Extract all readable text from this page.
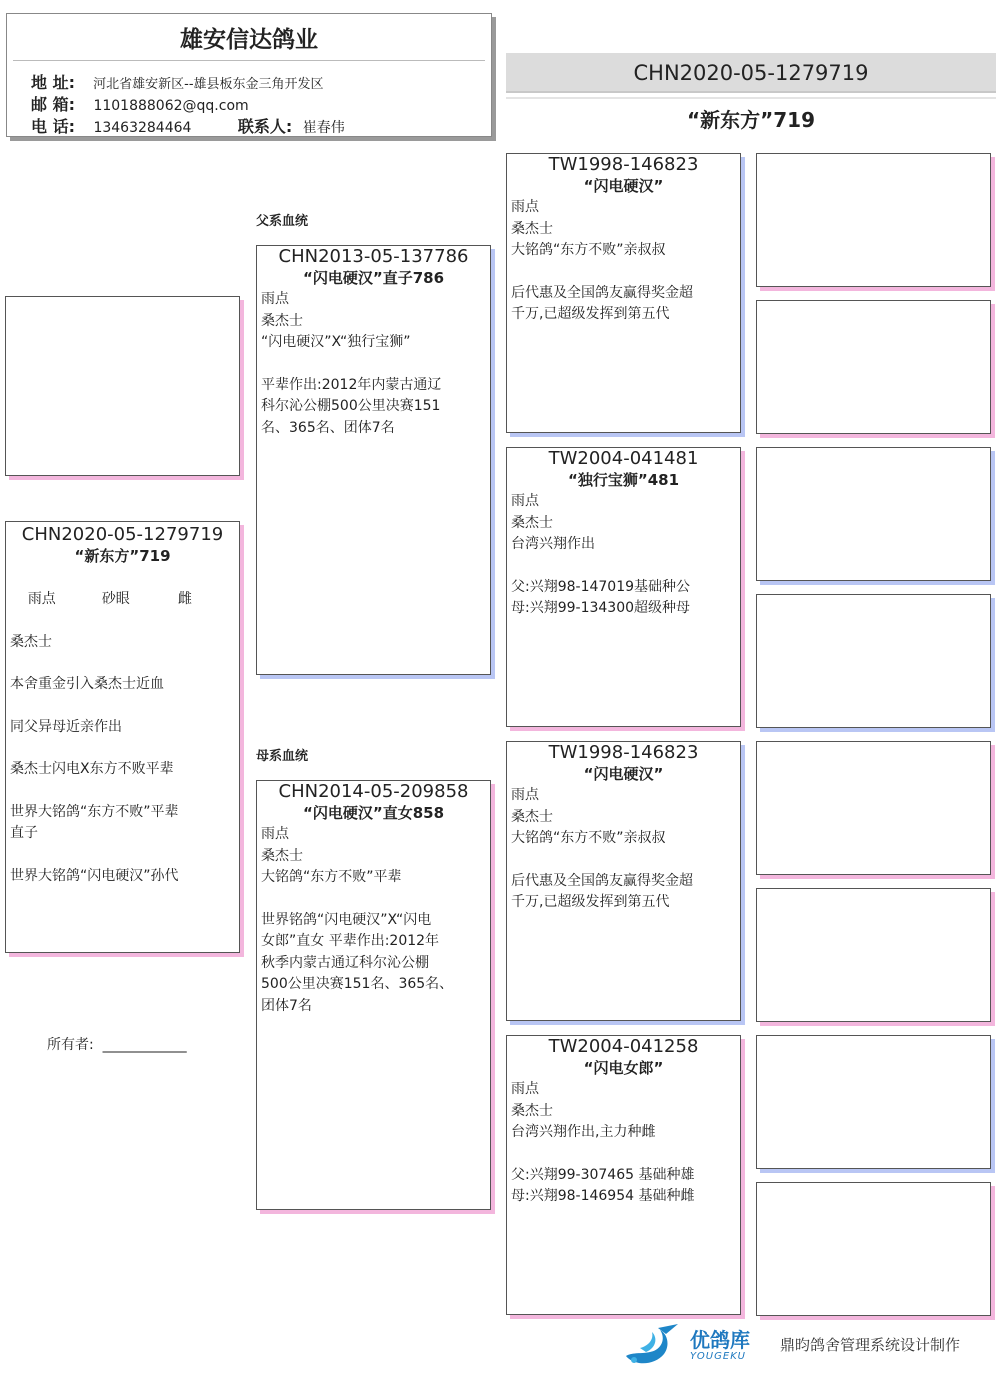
雄安信达鸽业
地 址: 河北省雄安新区--雄县板东金三角开发区
邮 箱: 1101888062@qq.com
电 话: 13463284464	联系人: 崔春伟
CHN2020-05-1279719
“新东方”719
父系血统
母系血统
CHN2020-05-1279719
“新东方”719

雨点	砂眼	雌

桑杰士
本舍重金引入桑杰士近血
同父异母近亲作出
桑杰士闪电X东方不败平辈
世界大铭鸽“东方不败”平辈
直子
世界大铭鸽“闪电硬汉”孙代
所有者:  ____________
CHN2013-05-137786
“闪电硬汉”直子786
雨点
桑杰士
“闪电硬汉”X“独行宝狮”
平辈作出:2012年内蒙古通辽
科尔沁公棚500公里决赛151
名、365名、团体7名
CHN2014-05-209858
“闪电硬汉”直女858
雨点
桑杰士
大铭鸽“东方不败”平辈
世界铭鸽“闪电硬汉”X“闪电
女郎”直女 平辈作出:2012年
秋季内蒙古通辽科尔沁公棚
500公里决赛151名、365名、
团体7名
TW1998-146823
“闪电硬汉”
雨点
桑杰士
大铭鸽“东方不败”亲叔叔
后代惠及全国鸽友赢得奖金超
千万,已超级发挥到第五代
TW2004-041481
“独行宝狮”481
雨点
桑杰士
台湾兴翔作出
父:兴翔98-147019基础种公
母:兴翔99-134300超级种母
TW1998-146823
“闪电硬汉”
雨点
桑杰士
大铭鸽“东方不败”亲叔叔
后代惠及全国鸽友赢得奖金超
千万,已超级发挥到第五代
TW2004-041258
“闪电女郎”
雨点
桑杰士
台湾兴翔作出,主力种雌
父:兴翔99-307465 基础种雄
母:兴翔98-146954 基础种雌
优鸽库
YOUGEKU
鼎昀鸽舍管理系统设计制作
